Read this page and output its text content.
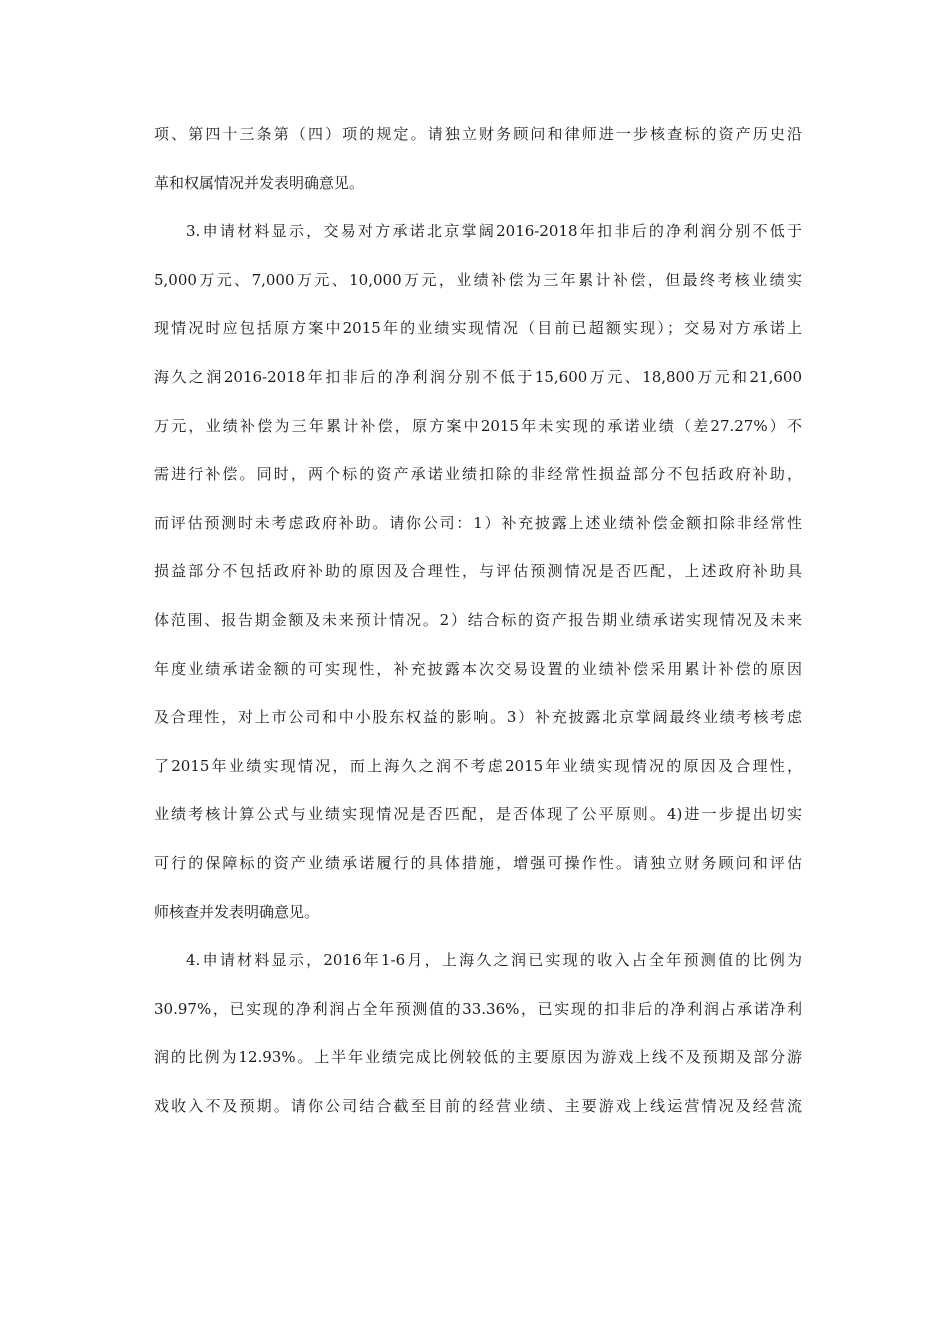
项、第四十三条第（四）项的规定。请独立财务顾问和律师进一步核查标的资产历史沿
革和权属情况并发表明确意见。
3.申请材料显示，交易对方承诺北京掌阔2016-2018年扣非后的净利润分别不低于
5,000万元、7,000万元、10,000万元，业绩补偿为三年累计补偿，但最终考核业绩实
现情况时应包括原方案中2015年的业绩实现情况（目前已超额实现）；交易对方承诺上
海久之润2016-2018年扣非后的净利润分别不低于15,600万元、18,800万元和21,600
万元，业绩补偿为三年累计补偿，原方案中2015年未实现的承诺业绩（差27.27%）不
需进行补偿。同时，两个标的资产承诺业绩扣除的非经常性损益部分不包括政府补助，
而评估预测时未考虑政府补助。请你公司：1）补充披露上述业绩补偿金额扣除非经常性
损益部分不包括政府补助的原因及合理性，与评估预测情况是否匹配，上述政府补助具
体范围、报告期金额及未来预计情况。2）结合标的资产报告期业绩承诺实现情况及未来
年度业绩承诺金额的可实现性，补充披露本次交易设置的业绩补偿采用累计补偿的原因
及合理性，对上市公司和中小股东权益的影响。3）补充披露北京掌阔最终业绩考核考虑
了2015年业绩实现情况，而上海久之润不考虑2015年业绩实现情况的原因及合理性，
业绩考核计算公式与业绩实现情况是否匹配，是否体现了公平原则。4)进一步提出切实
可行的保障标的资产业绩承诺履行的具体措施，增强可操作性。请独立财务顾问和评估
师核查并发表明确意见。
4.申请材料显示，2016年1-6月，上海久之润已实现的收入占全年预测值的比例为
30.97%，已实现的净利润占全年预测值的33.36%，已实现的扣非后的净利润占承诺净利
润的比例为12.93%。上半年业绩完成比例较低的主要原因为游戏上线不及预期及部分游
戏收入不及预期。请你公司结合截至目前的经营业绩、主要游戏上线运营情况及经营流
